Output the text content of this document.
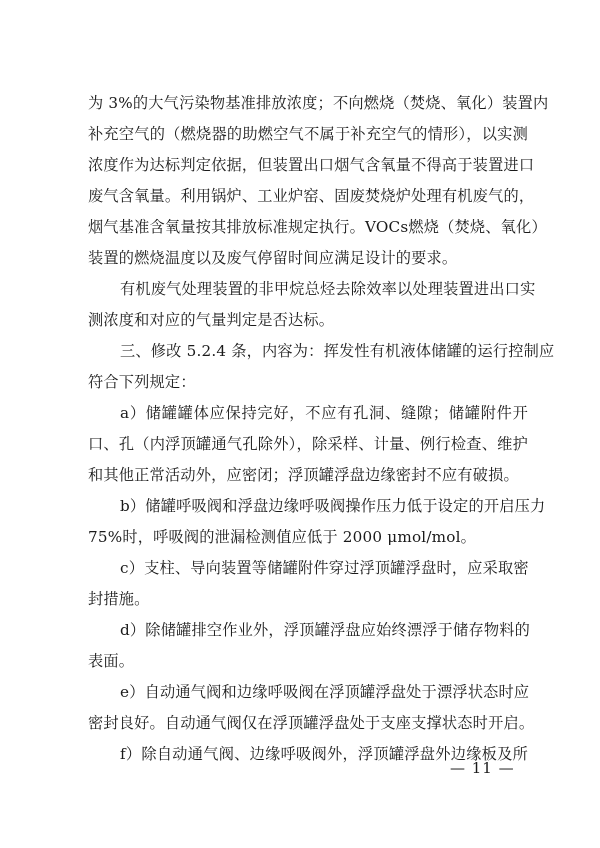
为 3%的大气污染物基准排放浓度；不向燃烧（焚烧、氧化）装置内
补充空气的（燃烧器的助燃空气不属于补充空气的情形），以实测
浓度作为达标判定依据，但装置出口烟气含氧量不得高于装置进口
废气含氧量。利用锅炉、工业炉窑、固废焚烧炉处理有机废气的，
烟气基准含氧量按其排放标准规定执行。VOCs燃烧（焚烧、氧化）
装置的燃烧温度以及废气停留时间应满足设计的要求。
有机废气处理装置的非甲烷总烃去除效率以处理装置进出口实
测浓度和对应的气量判定是否达标。
三、修改 5.2.4 条，内容为：挥发性有机液体储罐的运行控制应
符合下列规定：
a）储罐罐体应保持完好，不应有孔洞、缝隙；储罐附件开
口、孔（内浮顶罐通气孔除外），除采样、计量、例行检查、维护
和其他正常活动外，应密闭；浮顶罐浮盘边缘密封不应有破损。
b）储罐呼吸阀和浮盘边缘呼吸阀操作压力低于设定的开启压力
75%时，呼吸阀的泄漏检测值应低于 2000 μmol/mol。
c）支柱、导向装置等储罐附件穿过浮顶罐浮盘时，应采取密
封措施。
d）除储罐排空作业外，浮顶罐浮盘应始终漂浮于储存物料的
表面。
e）自动通气阀和边缘呼吸阀在浮顶罐浮盘处于漂浮状态时应
密封良好。自动通气阀仅在浮顶罐浮盘处于支座支撑状态时开启。
f）除自动通气阀、边缘呼吸阀外，浮顶罐浮盘外边缘板及所
— 11 —
